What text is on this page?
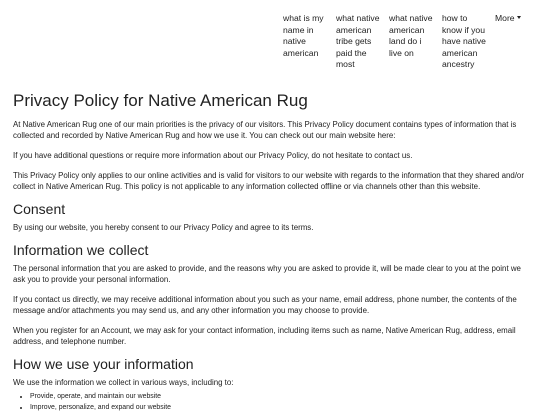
what is my name in native american
what native american tribe gets paid the most
what native american land do i live on
how to know if you have native american ancestry
More
Privacy Policy for Native American Rug

At Native American Rug one of our main priorities is the privacy of our visitors. This Privacy Policy document contains types of information that is collected and recorded by Native American Rug and how we use it. You can check out our main website here:

If you have additional questions or require more information about our Privacy Policy, do not hesitate to contact us.

This Privacy Policy only applies to our online activities and is valid for visitors to our website with regards to the information that they shared and/or collect in Native American Rug. This policy is not applicable to any information collected offline or via channels other than this website.

Consent

By using our website, you hereby consent to our Privacy Policy and agree to its terms.

Information we collect

The personal information that you are asked to provide, and the reasons why you are asked to provide it, will be made clear to you at the point we ask you to provide your personal information.

If you contact us directly, we may receive additional information about you such as your name, email address, phone number, the contents of the message and/or attachments you may send us, and any other information you may choose to provide.

When you register for an Account, we may ask for your contact information, including items such as name, Native American Rug, address, email address, and telephone number.

How we use your information

We use the information we collect in various ways, including to:

• Provide, operate, and maintain our website
• Improve, personalize, and expand our website
